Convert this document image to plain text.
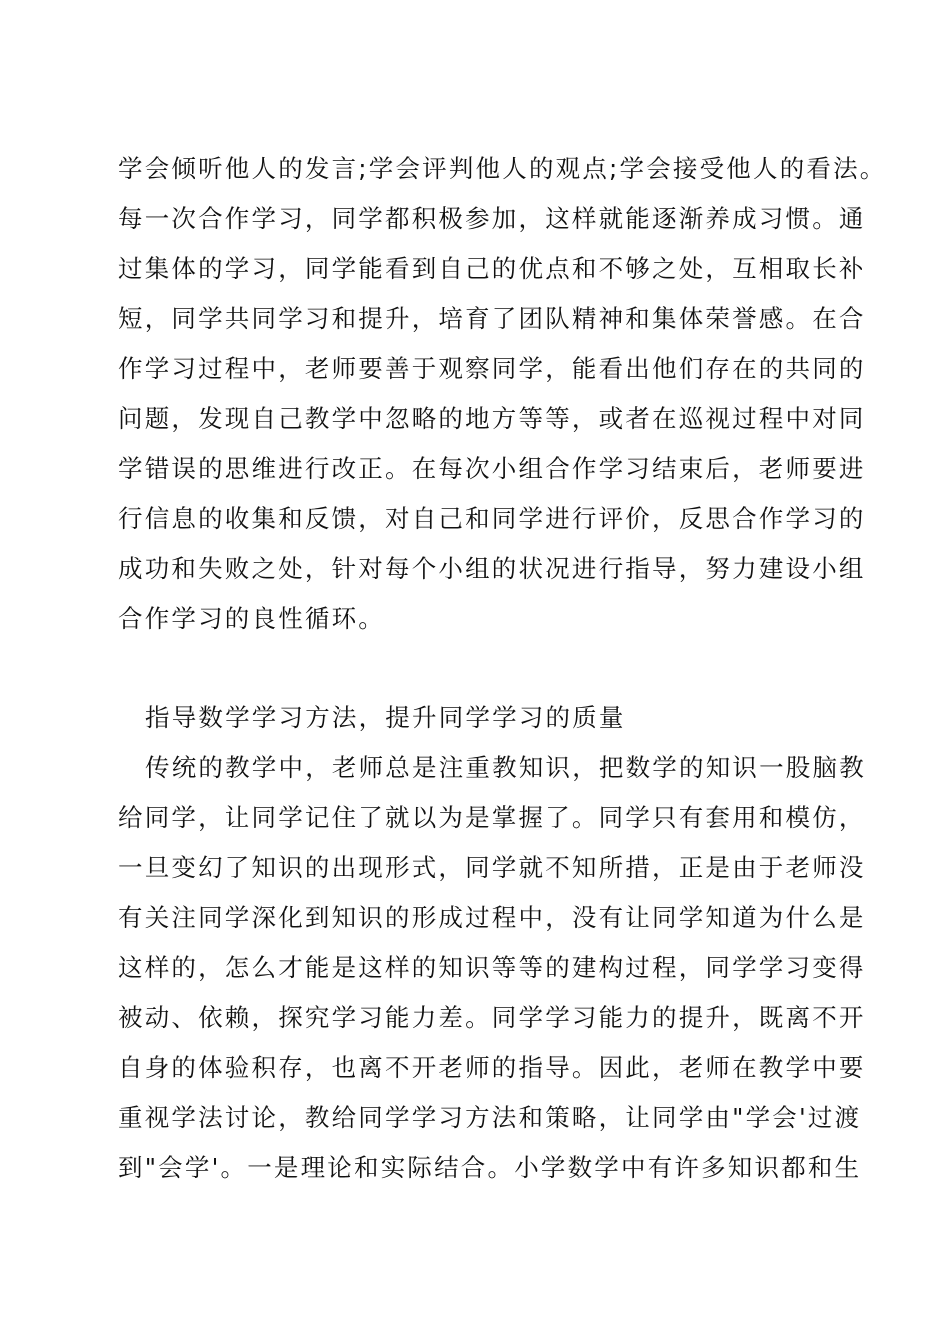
学会倾听他人的发言;学会评判他人的观点;学会接受他人的看法。
每一次合作学习，同学都积极参加，这样就能逐渐养成习惯。通
过集体的学习，同学能看到自己的优点和不够之处，互相取长补
短，同学共同学习和提升，培育了团队精神和集体荣誉感。在合
作学习过程中，老师要善于观察同学，能看出他们存在的共同的
问题，发现自己教学中忽略的地方等等，或者在巡视过程中对同
学错误的思维进行改正。在每次小组合作学习结束后，老师要进
行信息的收集和反馈，对自己和同学进行评价，反思合作学习的
成功和失败之处，针对每个小组的状况进行指导，努力建设小组
合作学习的良性循环。
指导数学学习方法，提升同学学习的质量
传统的教学中，老师总是注重教知识，把数学的知识一股脑教
给同学，让同学记住了就以为是掌握了。同学只有套用和模仿，
一旦变幻了知识的出现形式，同学就不知所措，正是由于老师没
有关注同学深化到知识的形成过程中，没有让同学知道为什么是
这样的，怎么才能是这样的知识等等的建构过程，同学学习变得
被动、依赖，探究学习能力差。同学学习能力的提升，既离不开
自身的体验积存，也离不开老师的指导。因此，老师在教学中要
重视学法讨论，教给同学学习方法和策略，让同学由"学会'过渡
到"会学'。一是理论和实际结合。小学数学中有许多知识都和生
